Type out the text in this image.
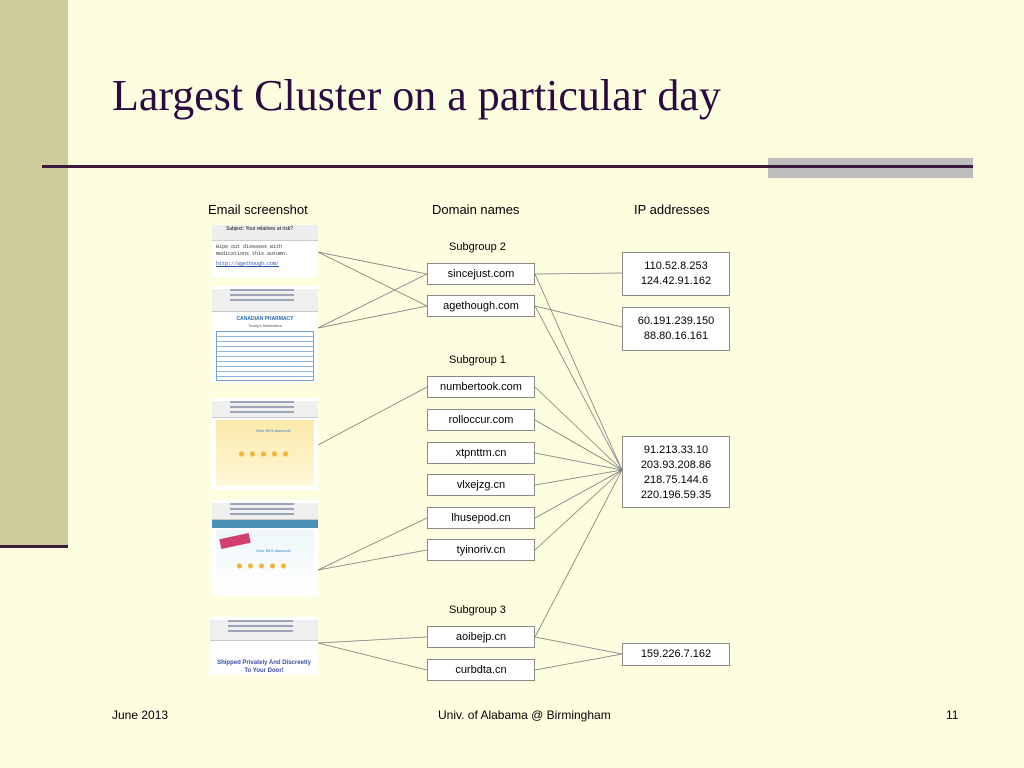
Largest Cluster on a particular day
Email screenshot	Domain names	IP addresses
Subject: Your relatives at risk?
Wipe out diseases with medications this autumn.
http://agethough.com/
CANADIAN PHARMACY
Today's bestsellers
Over 60% discount!
Over 60% discount!
Shipped Privately And Discreetly To Your Door!
Subgroup 2
Subgroup 1
Subgroup 3
sincejust.com
agethough.com
numbertook.com
rolloccur.com
xtpnttm.cn
vlxejzg.cn
lhusepod.cn
tyinoriv.cn
aoibejp.cn
curbdta.cn
110.52.8.253
124.42.91.162
60.191.239.150
88.80.16.161
91.213.33.10
203.93.208.86
218.75.144.6
220.196.59.35
159.226.7.162
June 2013	Univ. of Alabama @ Birmingham	11
